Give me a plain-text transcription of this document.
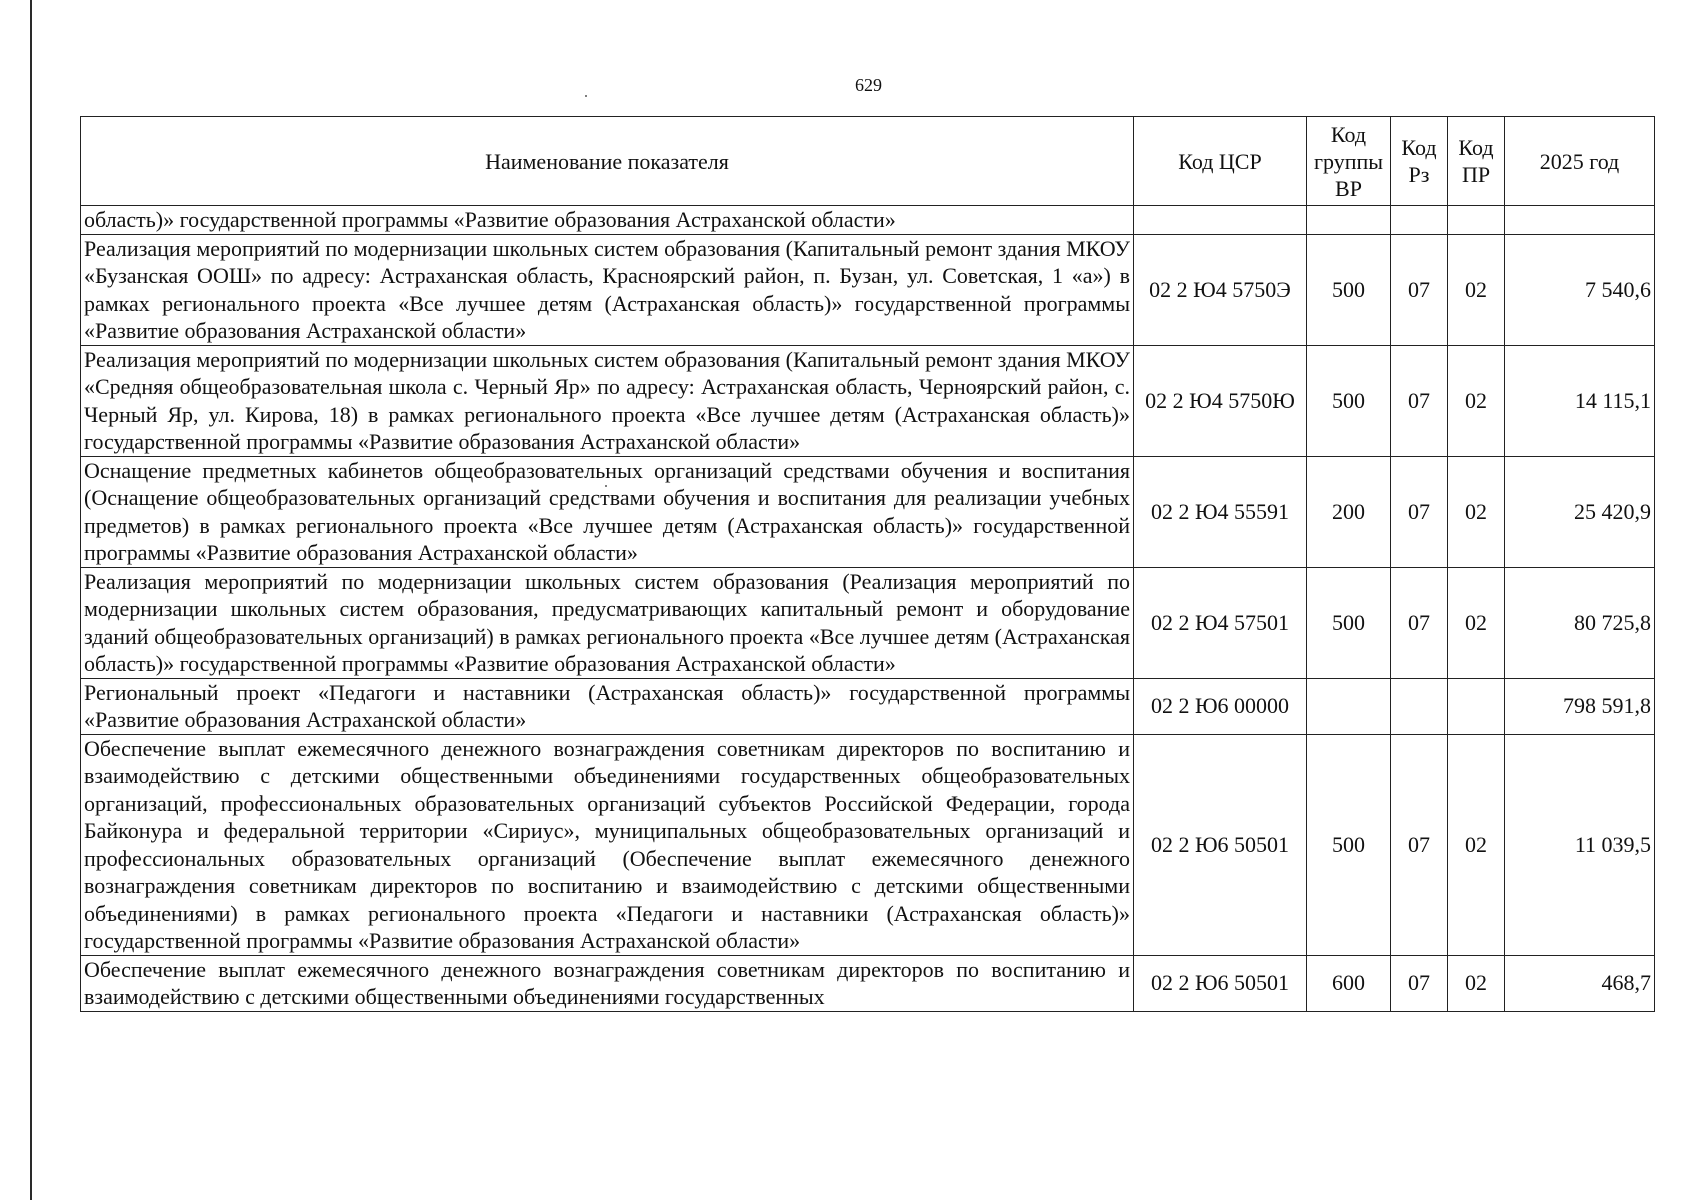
629
Наименование показателя	Код ЦСР	Код группы ВР	Код Рз	Код ПР	2025 год
область)» государственной программы «Развитие образования Астраханской области»					
Реализация мероприятий по модернизации школьных систем образования (Капитальный ремонт здания МКОУ «Бузанская ООШ» по адресу: Астраханская область, Красноярский район, п. Бузан, ул. Советская, 1 «а») в рамках регионального проекта «Все лучшее детям (Астраханская область)» государственной программы «Развитие образования Астраханской области»	02 2 Ю4 5750Э	500	07	02	7 540,6
Реализация мероприятий по модернизации школьных систем образования (Капитальный ремонт здания МКОУ «Средняя общеобразовательная школа с. Черный Яр» по адресу: Астраханская область, Черноярский район, с. Черный Яр, ул. Кирова, 18) в рамках регионального проекта «Все лучшее детям (Астраханская область)» государственной программы «Развитие образования Астраханской области»	02 2 Ю4 5750Ю	500	07	02	14 115,1
Оснащение предметных кабинетов общеобразовательных организаций средствами обучения и воспитания (Оснащение общеобразовательных организаций средствами обучения и воспитания для реализации учебных предметов) в рамках регионального проекта «Все лучшее детям (Астраханская область)» государственной программы «Развитие образования Астраханской области»	02 2 Ю4 55591	200	07	02	25 420,9
Реализация мероприятий по модернизации школьных систем образования (Реализация мероприятий по модернизации школьных систем образования, предусматривающих капитальный ремонт и оборудование зданий общеобразовательных организаций) в рамках регионального проекта «Все лучшее детям (Астраханская область)» государственной программы «Развитие образования Астраханской области»	02 2 Ю4 57501	500	07	02	80 725,8
Региональный проект «Педагоги и наставники (Астраханская область)» государственной программы «Развитие образования Астраханской области»	02 2 Ю6 00000				798 591,8
Обеспечение выплат ежемесячного денежного вознаграждения советникам директоров по воспитанию и взаимодействию с детскими общественными объединениями государственных общеобразовательных организаций, профессиональных образовательных организаций субъектов Российской Федерации, города Байконура и федеральной территории «Сириус», муниципальных общеобразовательных организаций и профессиональных образовательных организаций (Обеспечение выплат ежемесячного денежного вознаграждения советникам директоров по воспитанию и взаимодействию с детскими общественными объединениями) в рамках регионального проекта «Педагоги и наставники (Астраханская область)» государственной программы «Развитие образования Астраханской области»	02 2 Ю6 50501	500	07	02	11 039,5
Обеспечение выплат ежемесячного денежного вознаграждения советникам директоров по воспитанию и взаимодействию с детскими общественными объединениями государственных	02 2 Ю6 50501	600	07	02	468,7
